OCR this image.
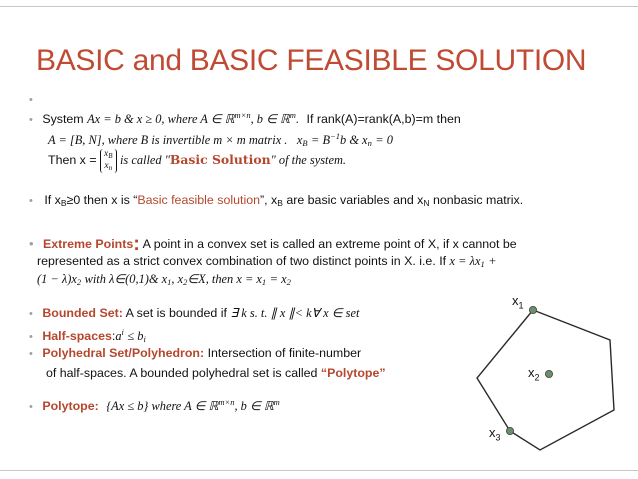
BASIC and BASIC FEASIBLE SOLUTION
•
• System Ax = b & x ≥ 0, where A ∈ ℝ$^{m\times n}$, b ∈ ℝ$^m$. If rank(A)=rank(A,b)=m then
A = [B, N], where B is invertible m × m matrix . $x_B = B^{-1}b$ & $x_n = 0$
Then $x = x_B$
$x_n$ is called "Basic Solution" of the system.
• If $x_B\ge 0$ then x is “Basic feasible solution”, $x_B$ are basic variables and $x_N$ nonbasic matrix.
• Extreme Points: A point in a convex set is called an extreme point of X, if x cannot be
represented as a strict convex combination of two distinct points in X. i.e. If $x = \lambda x_1$ +
$(1 - \lambda)x_2$ with λ∈(0,1)& $x_1$, $x_2\in X$, then $x = x_1 = x_2$
• Bounded Set: A set is bounded if ∃ k s. t. ∥ x ∥< k∀ x ∈ set
• Half-$spaces:a^i \le b_i$
• Polyhedral Set/Polyhedron: Intersection of finite-number
of half-spaces. A bounded polyhedral set is called “Polytope”
• Polytope: {Ax ≤ b} where A ∈ ℝ$^{m\times n}$, b ∈ ℝ$^m$
$x_1$
$x_2$
$x_3$
